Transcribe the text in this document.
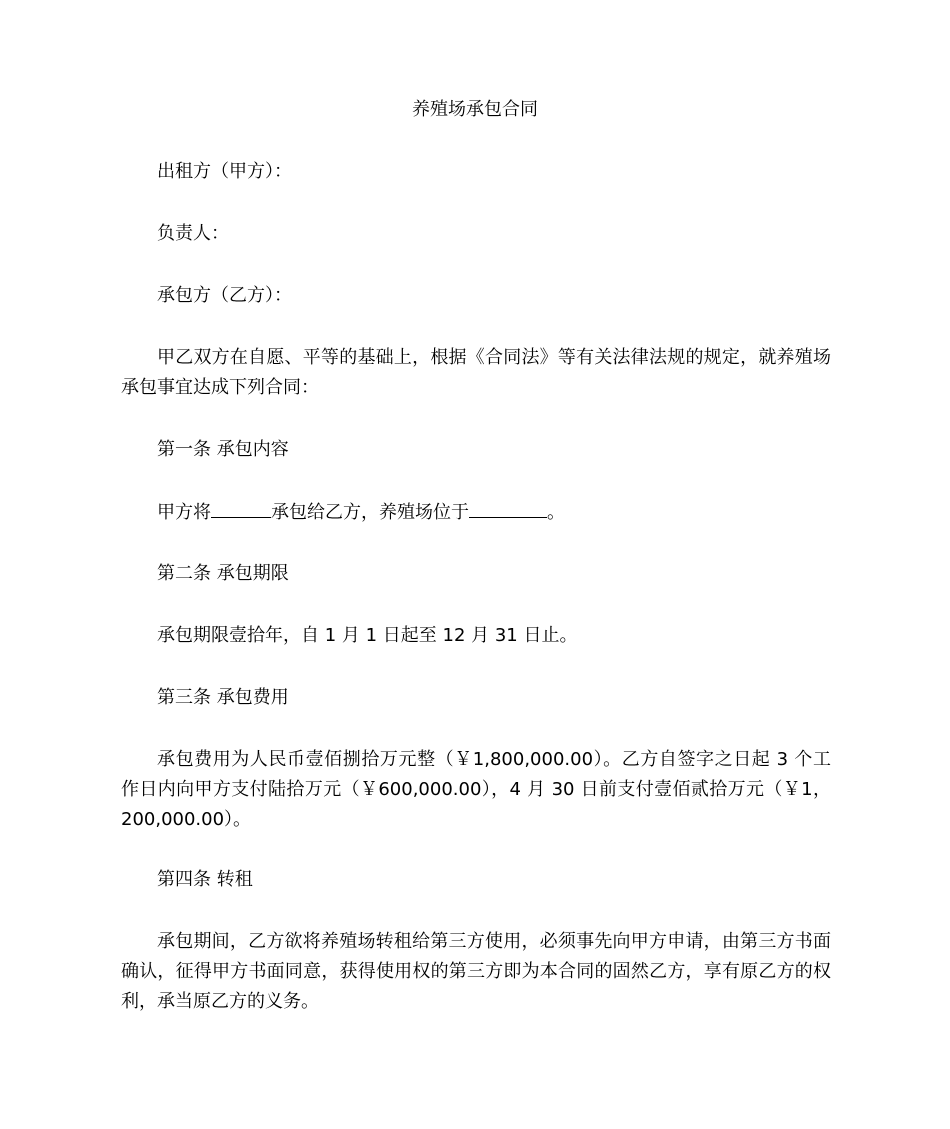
养殖场承包合同
出租方（甲方）：
负责人：
承包方（乙方）：
甲乙双方在自愿、平等的基础上，根据《合同法》等有关法律法规的规定，就养殖场承包事宜达成下列合同：
第一条 承包内容
甲方将	承包给乙方，养殖场位于	。
第二条 承包期限
承包期限壹拾年，自 1 月 1 日起至 12 月 31 日止。
第三条 承包费用
承包费用为人民币壹佰捌拾万元整（￥1,800,000.00）。乙方自签字之日起 3 个工作日内向甲方支付陆拾万元（￥600,000.00），4 月 30 日前支付壹佰贰拾万元（￥1，200,000.00）。
第四条 转租
承包期间，乙方欲将养殖场转租给第三方使用，必须事先向甲方申请，由第三方书面确认，征得甲方书面同意，获得使用权的第三方即为本合同的固然乙方，享有原乙方的权利，承当原乙方的义务。
